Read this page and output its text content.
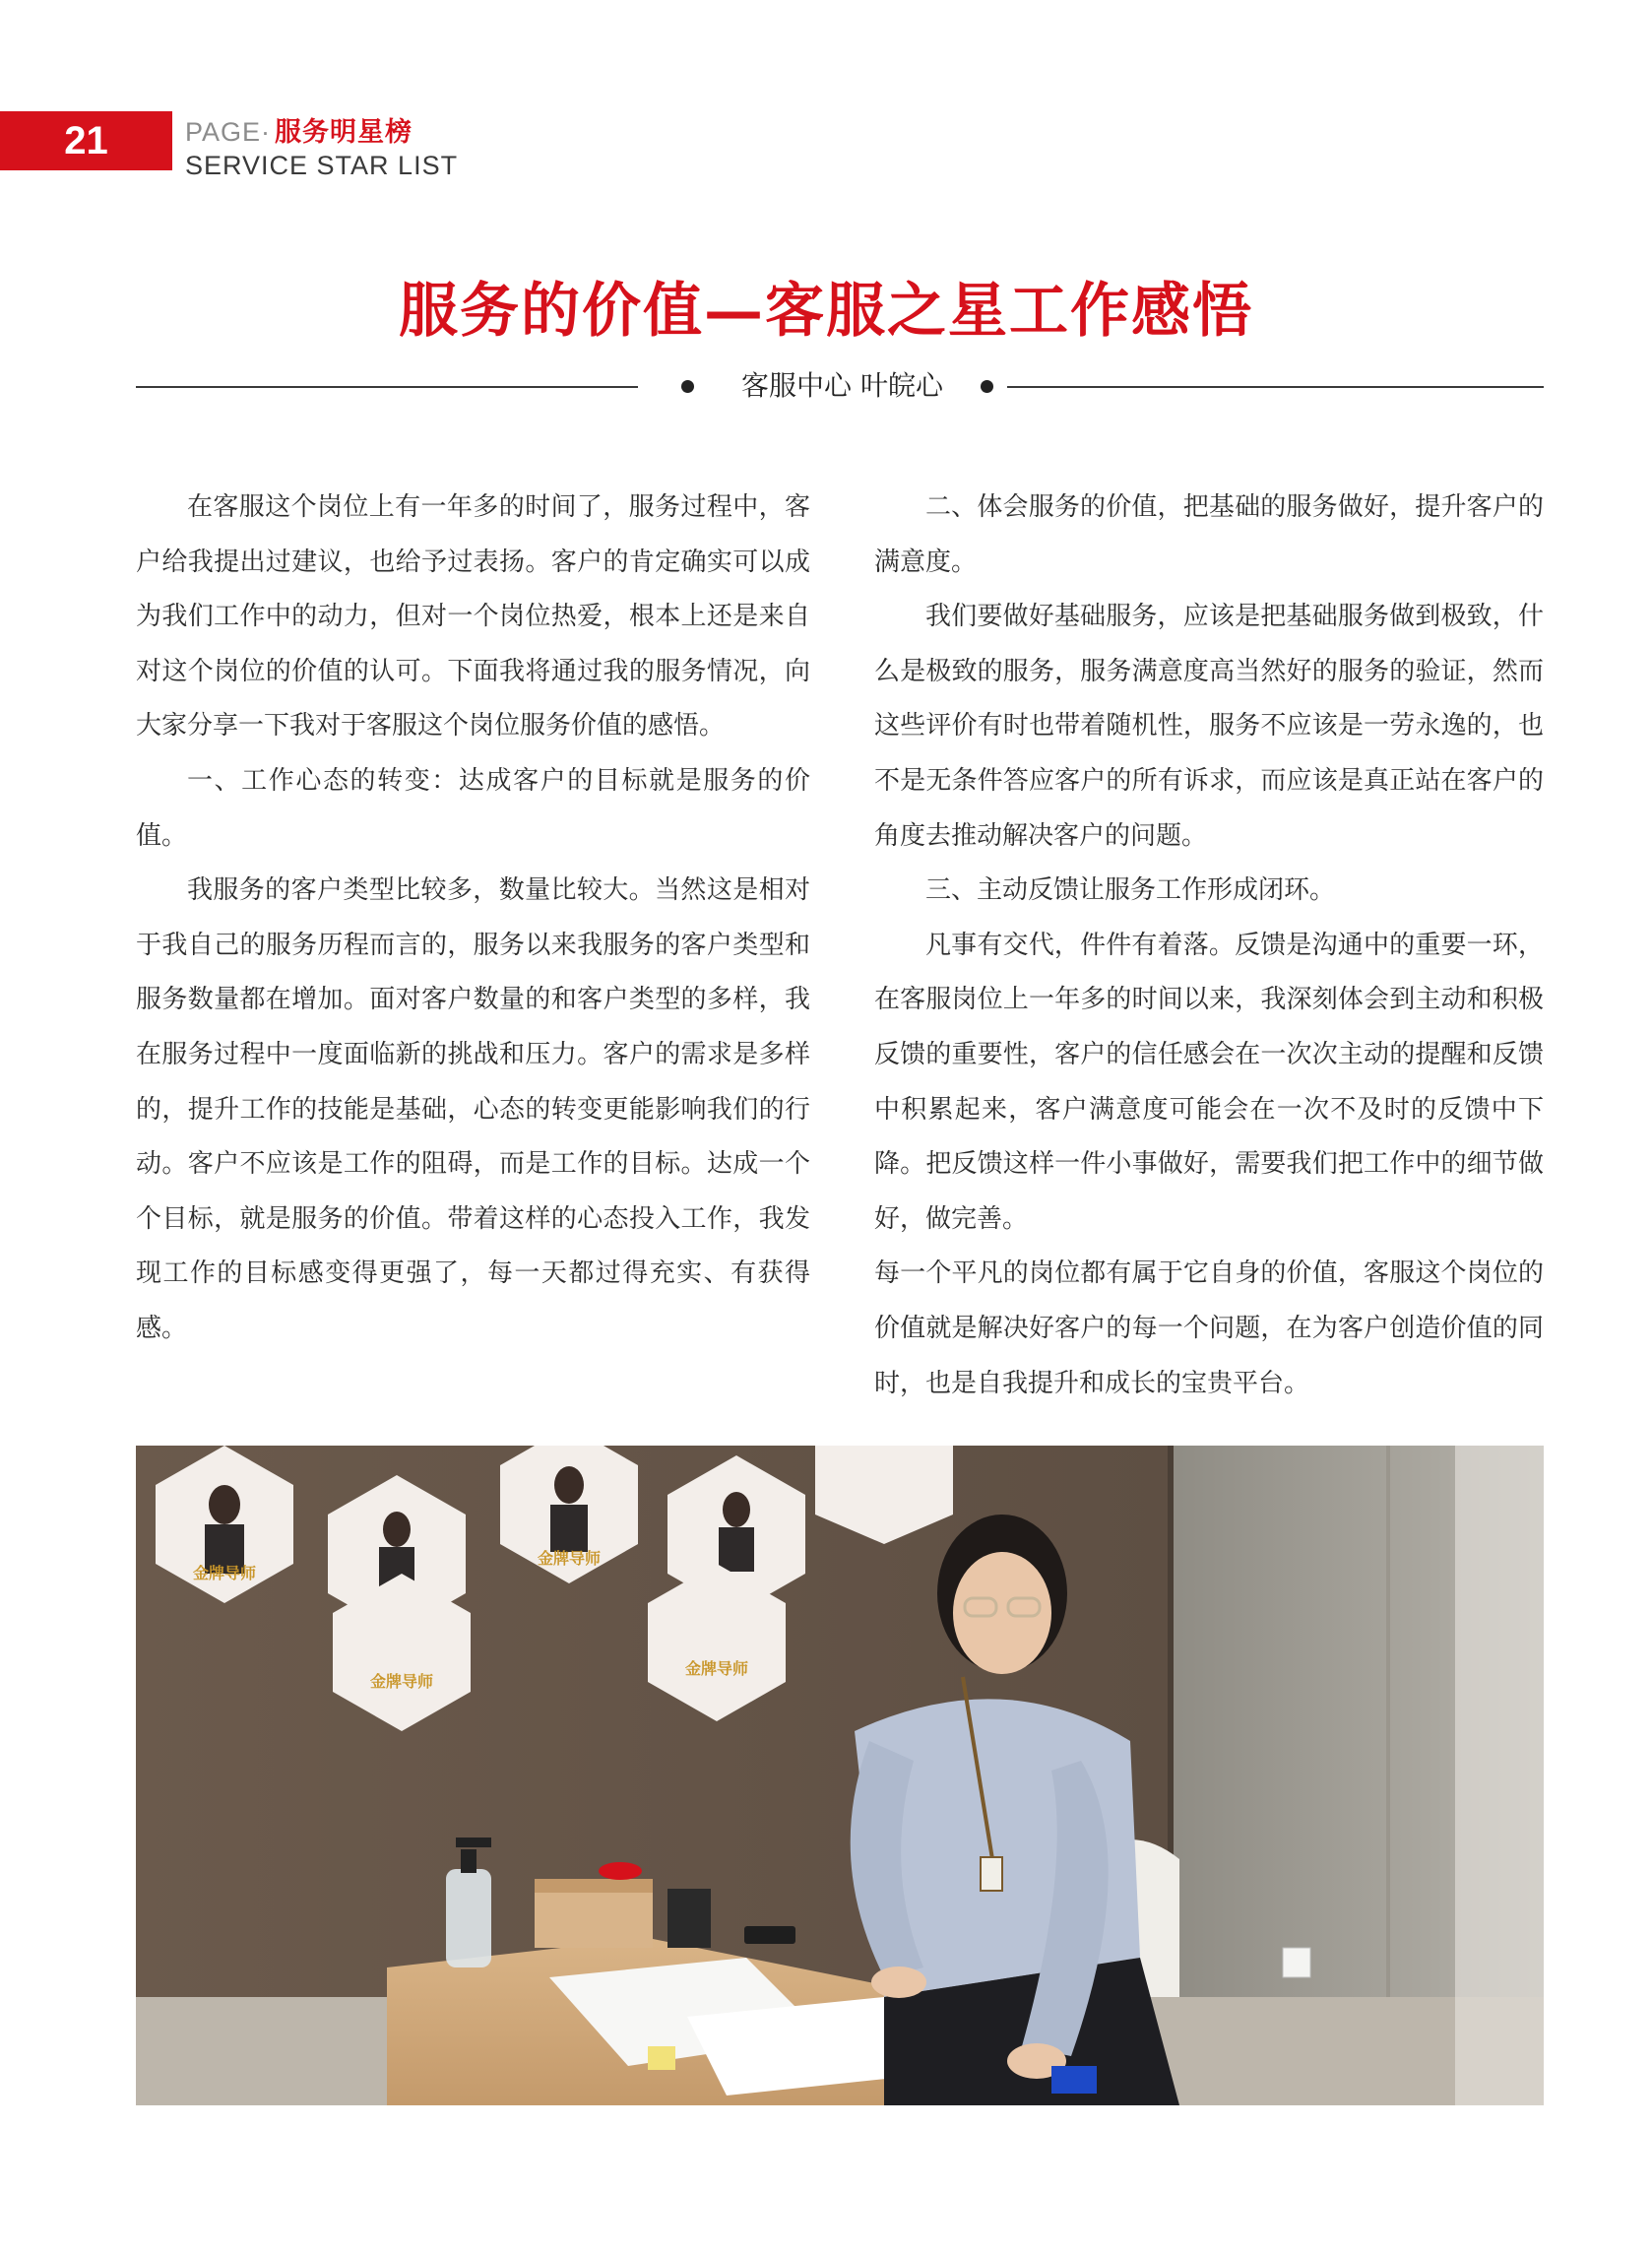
21	PAGE· 服务明星榜
SERVICE STAR LIST
服务的价值—客服之星工作感悟
客服中心 叶皖心

在客服这个岗位上有一年多的时间了，服务过程中，客户给我提出过建议，也给予过表扬。客户的肯定确实可以成为我们工作中的动力，但对一个岗位热爱，根本上还是来自对这个岗位的价值的认可。下面我将通过我的服务情况，向大家分享一下我对于客服这个岗位服务价值的感悟。

一、工作心态的转变：达成客户的目标就是服务的价值。

我服务的客户类型比较多，数量比较大。当然这是相对于我自己的服务历程而言的，服务以来我服务的客户类型和服务数量都在增加。面对客户数量的和客户类型的多样，我在服务过程中一度面临新的挑战和压力。客户的需求是多样的，提升工作的技能是基础，心态的转变更能影响我们的行动。客户不应该是工作的阻碍，而是工作的目标。达成一个个目标，就是服务的价值。带着这样的心态投入工作，我发现工作的目标感变得更强了，每一天都过得充实、有获得感。

二、体会服务的价值，把基础的服务做好，提升客户的满意度。

我们要做好基础服务，应该是把基础服务做到极致，什么是极致的服务，服务满意度高当然好的服务的验证，然而这些评价有时也带着随机性，服务不应该是一劳永逸的，也不是无条件答应客户的所有诉求，而应该是真正站在客户的角度去推动解决客户的问题。

三、主动反馈让服务工作形成闭环。

凡事有交代，件件有着落。反馈是沟通中的重要一环，在客服岗位上一年多的时间以来，我深刻体会到主动和积极反馈的重要性，客户的信任感会在一次次主动的提醒和反馈中积累起来，客户满意度可能会在一次不及时的反馈中下降。把反馈这样一件小事做好，需要我们把工作中的细节做好，做完善。

每一个平凡的岗位都有属于它自身的价值，客服这个岗位的价值就是解决好客户的每一个问题，在为客户创造价值的同时，也是自我提升和成长的宝贵平台。

金牌导师
金牌导师
金牌导师
金牌导师
